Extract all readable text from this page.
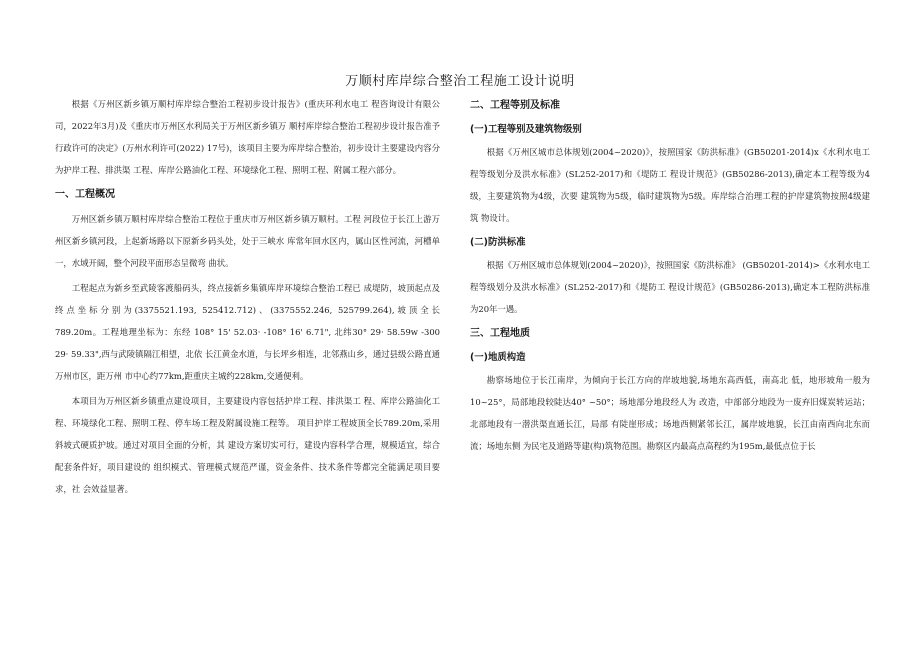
万顺村库岸综合整治工程施工设计说明

根据《万州区新乡镇万顺村库岸综合整治工程初步设计报告》(重庆环利水电工 程咨询设计有限公司，2022年3月)及《重庆市万州区水利局关于万州区新乡镇万 顺村库岸综合整治工程初步设计报告准予行政许可的决定》(万州水利许可(2022) 17号)，该项目主要为库岸综合整治，初步设计主要建设内容分为护岸工程、排洪渠 工程、库岸公路油化工程、环境绿化工程、照明工程、附属工程六部分。

一、工程概况

万州区新乡镇万顺村库岸综合整治工程位于重庆市万州区新乡镇万顺村。工程 河段位于长江上游万州区新乡镇河段，上起新场路以下原新乡码头处，处于三峡水 库常年回水区内，属山区性河流，河槽单一，水域开阔，整个河段平面形态呈微弯 曲状。

工程起点为新乡至武陵客渡船码头，终点接新乡集镇库岸环境综合整治工程已 成堤防，坡顶起点及终点坐标分别为(3375521.193, 525412.712)、(3375552.246, 525799.264),坡顶全长 789.20m。工程地理坐标为：东经 108° 15' 52.03· -108° 16' 6.71", 北纬30° 29· 58.59w -300 29· 59.33",西与武陵镇隔江相望，北依 长江黄金水道，与长坪乡相连，北邻燕山乡，通过县级公路直通万州市区，距万州 市中心约77km,距重庆主城约228km,交通便利。

本项目为万州区新乡镇重点建设项目，主要建设内容包括护岸工程、排洪渠工 程、库岸公路油化工程、环境绿化工程、照明工程、停车场工程及附属设施工程等。 项目护岸工程坡顶全长789.20m,采用斜坡式硬质护坡。通过对项目全面的分析，其 建设方案切实可行，建设内容科学合理，规模适宜，综合配套条件好，项目建设的 组织模式、管理模式规范严谨，资金条件、技术条件等都完全能满足项目要求，社 会效益显著。

二、工程等别及标准
(一)工程等别及建筑物级别

根据《万州区城市总体规划(2004~2020)》，按照国家《防洪标准》(GB50201-2014)x《水利水电工程等级划分及洪水标准》(SL252-2017)和《堤防工 程设计规范》(GB50286-2013),确定本工程等级为4级，主要建筑物为4级，次要 建筑物为5级，临时建筑物为5级。库岸综合治理工程的护岸建筑物按照4级建筑 物设计。

(二)防洪标准

根据《万州区城市总体规划(2004~2020)》，按照国家《防洪标准》 (GB50201-2014)>《水利水电工程等级划分及洪水标准》(SL252-2017)和《堤防工 程设计规范》(GB50286-2013),确定本工程防洪标准为20年一遇。

三、工程地质
(一)地质构造

勘察场地位于长江南岸，为倾向于长江方向的岸坡地貌,场地东高西低，南高北 低，地形坡角一般为10~25°，局部地段较陡达40° ~50°；场地部分地段经人为 改造，中部部分地段为一废弃旧煤炭转运站；北部地段有一潜洪渠直通长江，局部 有陡崖形成；场地西侧紧邻长江，属岸坡地貌，长江由南西向北东而流；场地东侧 为民宅及道路等建(构)筑物范围。勘察区内最高点高程约为195m,最低点位于长
